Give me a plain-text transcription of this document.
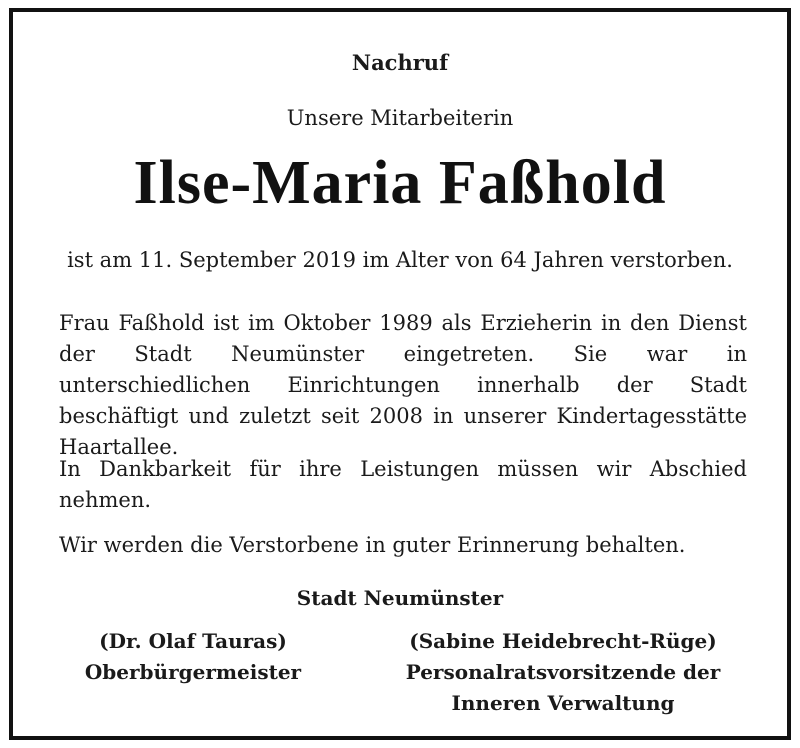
Nachruf
Unsere Mitarbeiterin
Ilse-Maria Faßhold
ist am 11. September 2019 im Alter von 64 Jahren verstorben.

Frau Faßhold ist im Oktober 1989 als Erzieherin in den Dienst der Stadt Neumünster eingetreten. Sie war in unterschiedlichen Einrichtungen innerhalb der Stadt beschäftigt und zuletzt seit 2008 in unserer Kindertagesstätte Haartallee.

In Dankbarkeit für ihre Leistungen müssen wir Abschied nehmen.

Wir werden die Verstorbene in guter Erinnerung behalten.

Stadt Neumünster
(Dr. Olaf Tauras)
Oberbürgermeister
(Sabine Heidebrecht-Rüge)
Personalratsvorsitzende der
Inneren Verwaltung
